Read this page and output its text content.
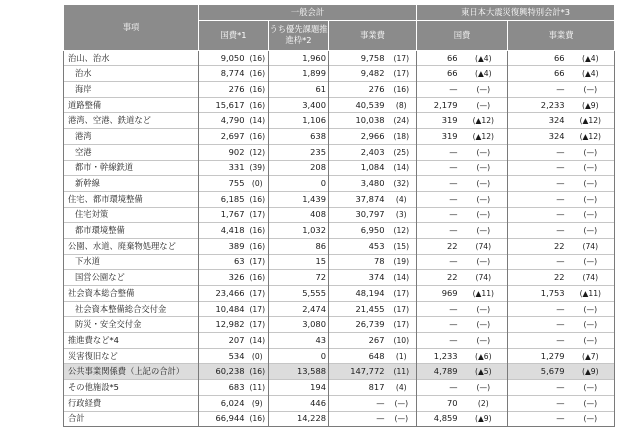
事項	一般会計					東日本大震災復興特別会計*3			
	国費*1		うち優先課題推進枠*2	事業費		国費		事業費	
治山、治水	9,050	(16)	1,960	9,758	(17)	66	(▲4)	66	(▲4)
治水	8,774	(16)	1,899	9,482	(17)	66	(▲4)	66	(▲4)
海岸	276	(16)	61	276	(16)	—	(—)	—	(—)
道路整備	15,617	(16)	3,400	40,539	(8)	2,179	(—)	2,233	(▲9)
港湾、空港、鉄道など	4,790	(14)	1,106	10,038	(24)	319	(▲12)	324	(▲12)
港湾	2,697	(16)	638	2,966	(18)	319	(▲12)	324	(▲12)
空港	902	(12)	235	2,403	(25)	—	(—)	—	(—)
都市・幹線鉄道	331	(39)	208	1,084	(14)	—	(—)	—	(—)
新幹線	755	(0)	0	3,480	(32)	—	(—)	—	(—)
住宅、都市環境整備	6,185	(16)	1,439	37,874	(4)	—	(—)	—	(—)
住宅対策	1,767	(17)	408	30,797	(3)	—	(—)	—	(—)
都市環境整備	4,418	(16)	1,032	6,950	(12)	—	(—)	—	(—)
公園、水道、廃棄物処理など	389	(16)	86	453	(15)	22	(74)	22	(74)
下水道	63	(17)	15	78	(19)	—	(—)	—	(—)
国営公園など	326	(16)	72	374	(14)	22	(74)	22	(74)
社会資本総合整備	23,466	(17)	5,555	48,194	(17)	969	(▲11)	1,753	(▲11)
社会資本整備総合交付金	10,484	(17)	2,474	21,455	(17)	—	(—)	—	(—)
防災・安全交付金	12,982	(17)	3,080	26,739	(17)	—	(—)	—	(—)
推進費など*4	207	(14)	43	267	(10)	—	(—)	—	(—)
災害復旧など	534	(0)	0	648	(1)	1,233	(▲6)	1,279	(▲7)
公共事業関係費（上記の合計）	60,238	(16)	13,588	147,772	(11)	4,789	(▲5)	5,679	(▲9)
その他施設*5	683	(11)	194	817	(4)	—	(—)	—	(—)
行政経費	6,024	(9)	446	—	(—)	70	(2)	—	(—)
合計	66,944	(16)	14,228	—	(—)	4,859	(▲9)	—	(—)
